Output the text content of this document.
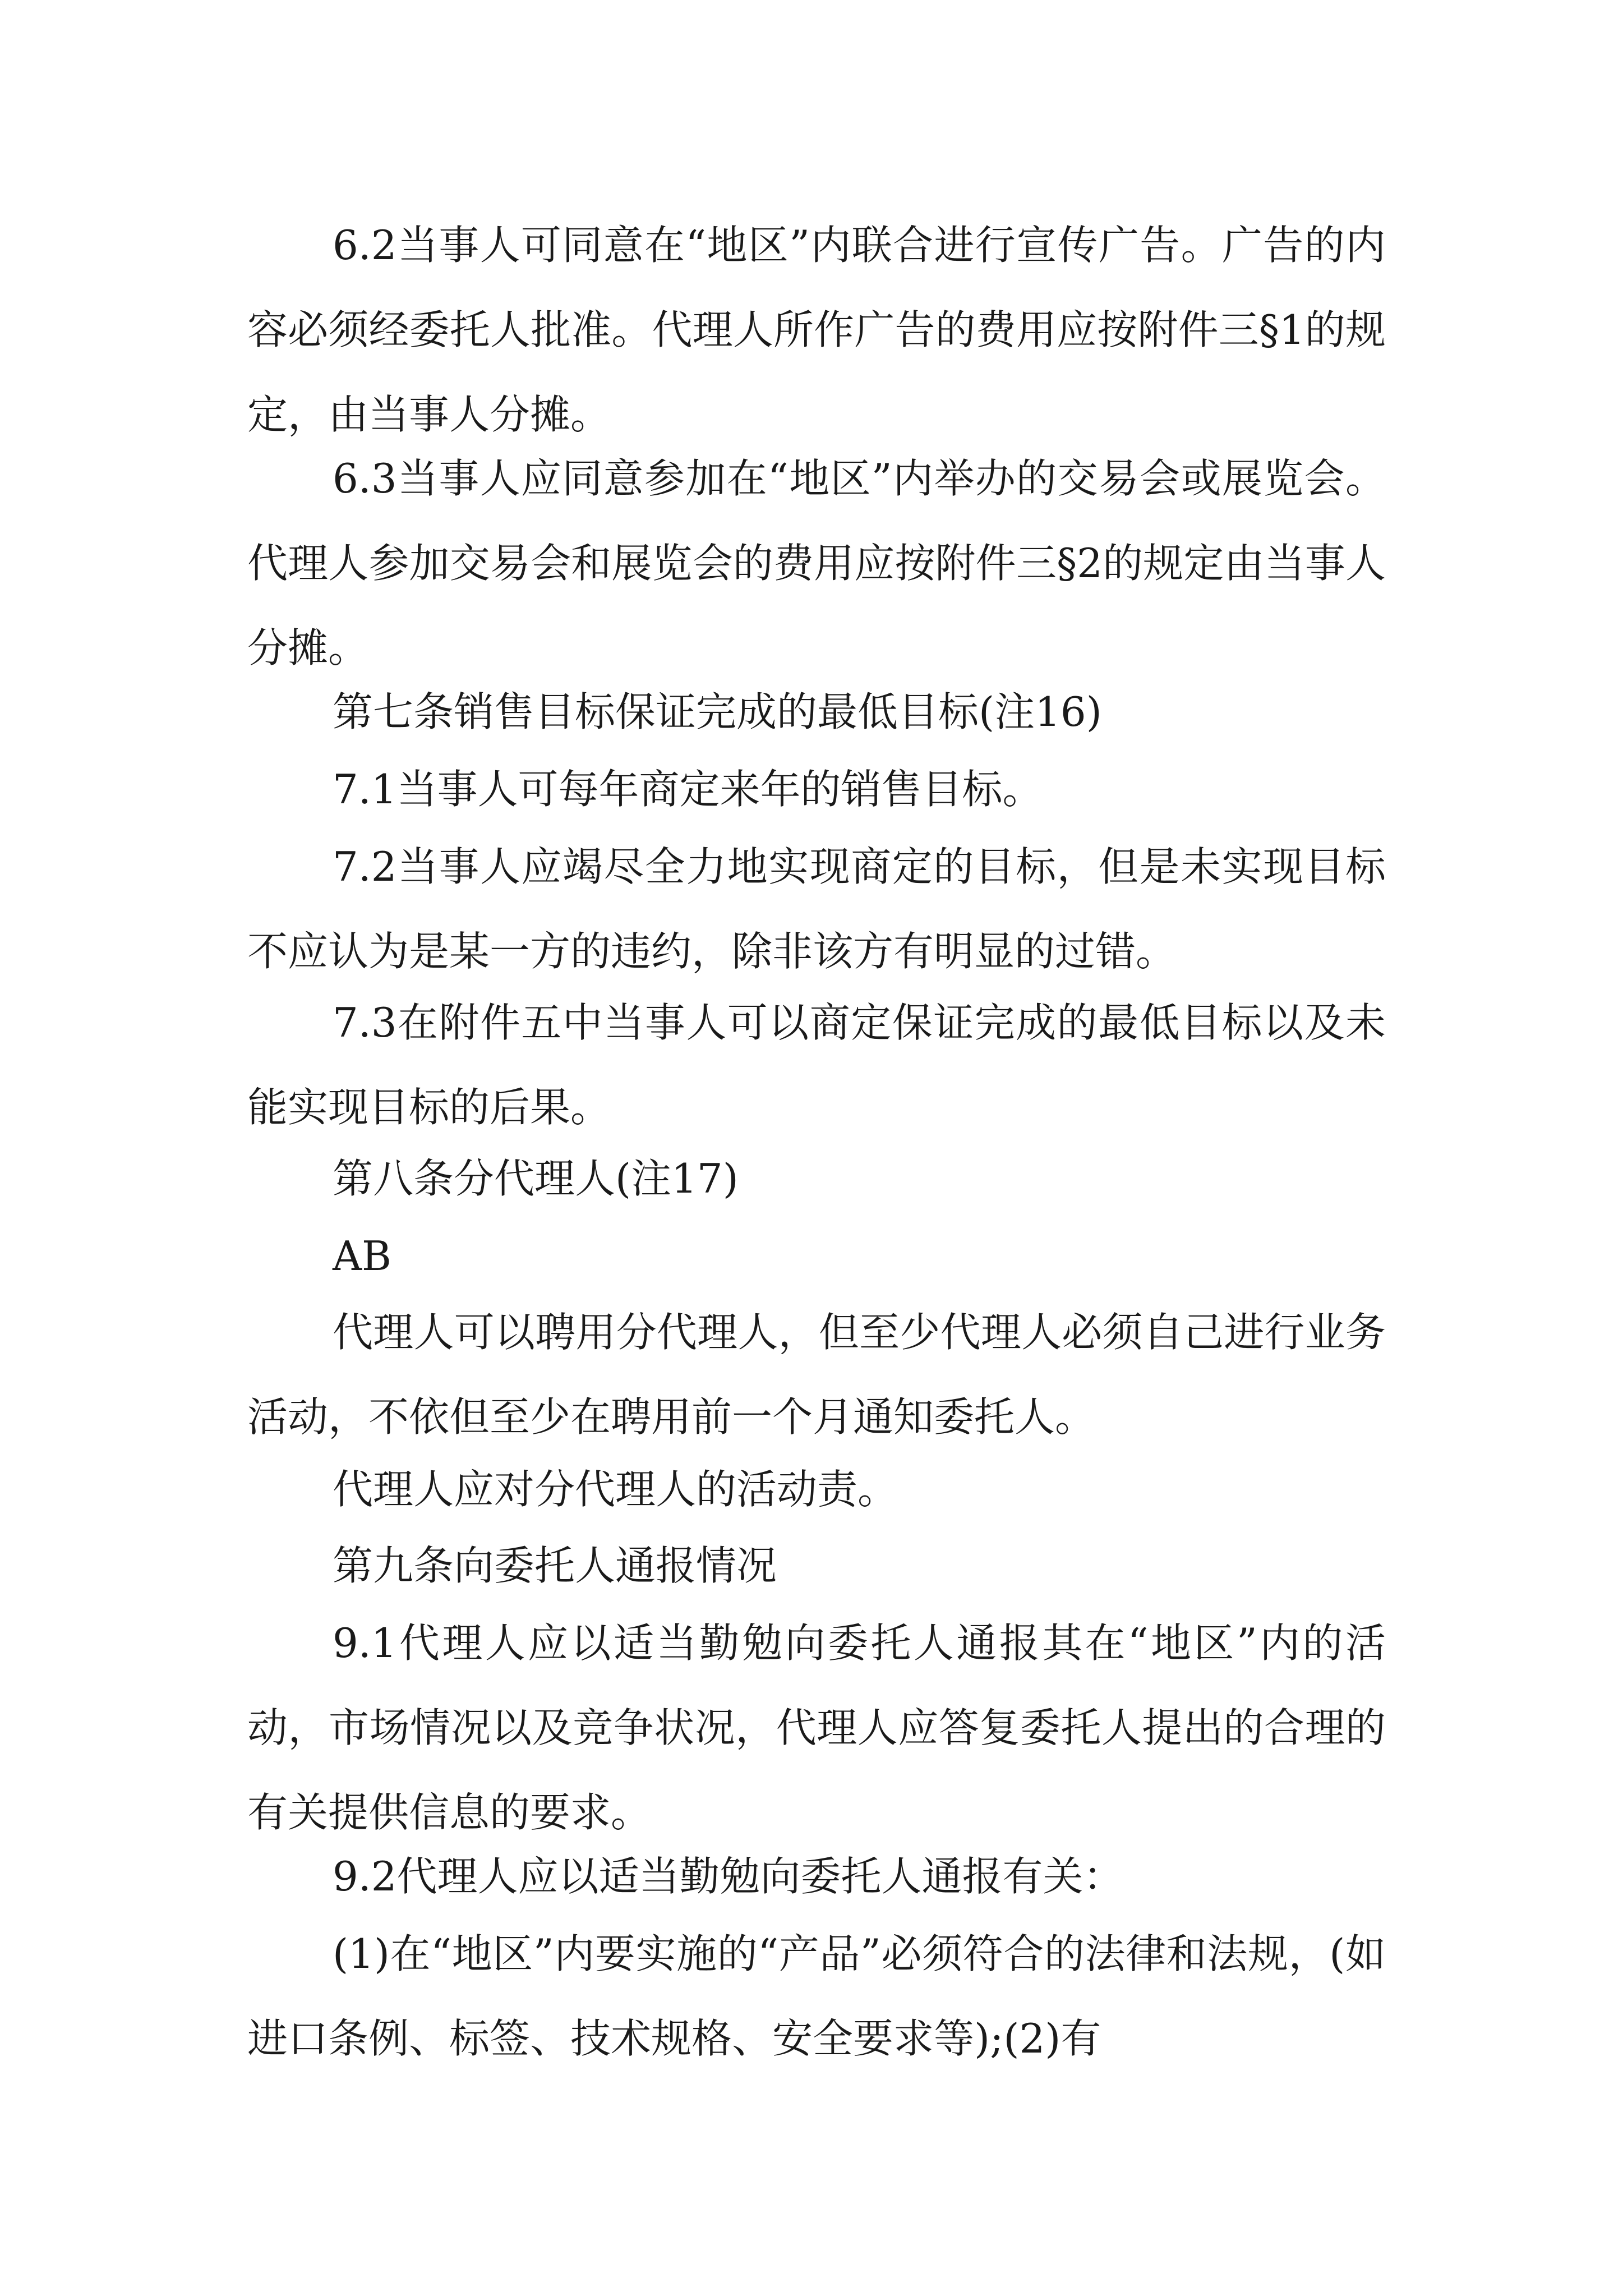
6.2当事人可同意在“地区”内联合进行宣传广告。广告的内容必须经委托人批准。代理人所作广告的费用应按附件三§1的规定，由当事人分摊。

6.3当事人应同意参加在“地区”内举办的交易会或展览会。代理人参加交易会和展览会的费用应按附件三§2的规定由当事人分摊。

第七条销售目标保证完成的最低目标(注16)

7.1当事人可每年商定来年的销售目标。

7.2当事人应竭尽全力地实现商定的目标，但是未实现目标不应认为是某一方的违约，除非该方有明显的过错。

7.3在附件五中当事人可以商定保证完成的最低目标以及未能实现目标的后果。

第八条分代理人(注17)

AB

代理人可以聘用分代理人，但至少代理人必须自己进行业务活动，不依但至少在聘用前一个月通知委托人。

代理人应对分代理人的活动责。

第九条向委托人通报情况

9.1代理人应以适当勤勉向委托人通报其在“地区”内的活动，市场情况以及竞争状况，代理人应答复委托人提出的合理的有关提供信息的要求。

9.2代理人应以适当勤勉向委托人通报有关：

(1)在“地区”内要实施的“产品”必须符合的法律和法规，(如进口条例、标签、技术规格、安全要求等);(2)有
